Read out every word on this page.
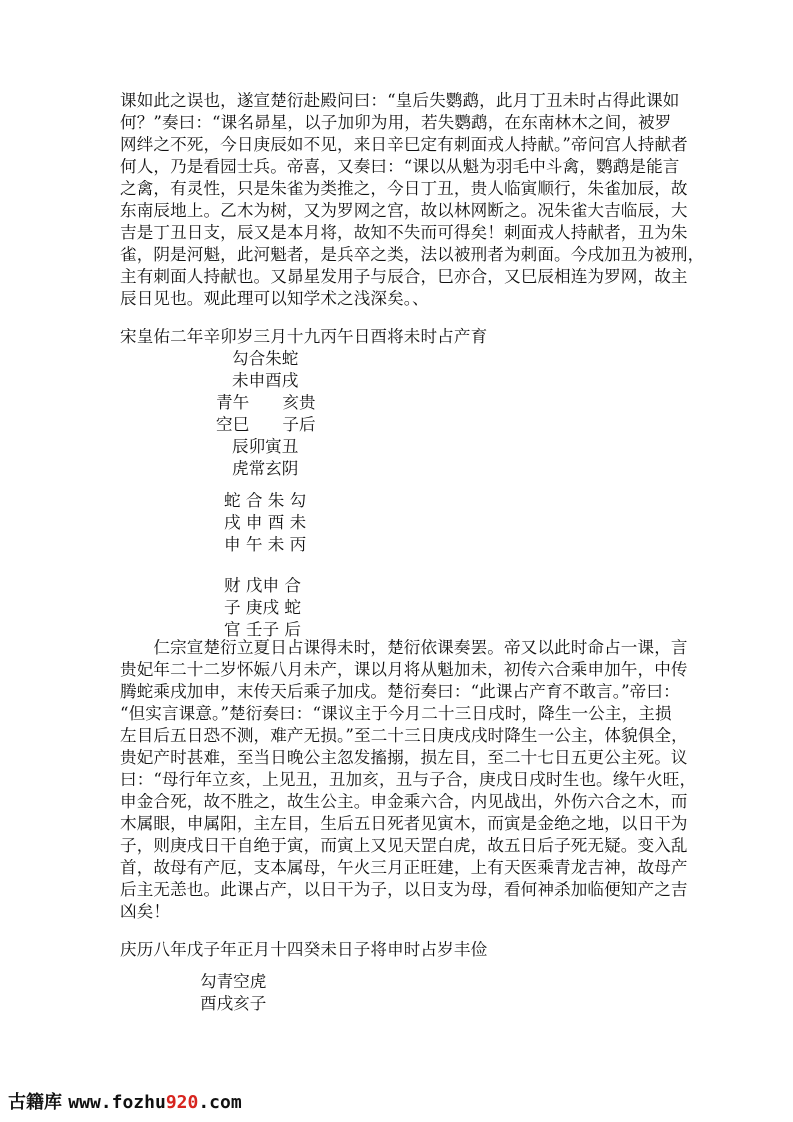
课如此之误也，遂宣楚衍赴殿问曰：“皇后失鹦鹉，此月丁丑未时占得此课如
何？”奏曰：“课名昴星，以子加卯为用，若失鹦鹉，在东南林木之间，被罗
网绊之不死，今日庚辰如不见，来日辛巳定有刺面戎人持献。”帝问宫人持献者
何人，乃是看园士兵。帝喜，又奏曰：“课以从魁为羽毛中斗禽，鹦鹉是能言
之禽，有灵性，只是朱雀为类推之，今日丁丑，贵人临寅顺行，朱雀加辰，故
东南辰地上。乙木为树，又为罗网之宫，故以林网断之。况朱雀大吉临辰，大
吉是丁丑日支，辰又是本月将，故知不失而可得矣！刺面戎人持献者，丑为朱
雀，阴是河魁，此河魁者，是兵卒之类，法以被刑者为刺面。今戌加丑为被刑，
主有刺面人持献也。又昴星发用子与辰合，巳亦合，又巳辰相连为罗网，故主
辰日见也。观此理可以知学术之浅深矣。、
宋皇佑二年辛卯岁三月十九丙午日酉将未时占产育
勾合朱蛇
未申酉戌
青午　　亥贵
空巳　　子后
辰卯寅丑
虎常玄阴
蛇 合 朱 勾
戌 申 酉 未
申 午 未 丙
财 戊申 合
子 庚戌 蛇
官 壬子 后
　　仁宗宣楚衍立夏日占课得未时，楚衍依课奏罢。帝又以此时命占一课，言
贵妃年二十二岁怀娠八月未产，课以月将从魁加未，初传六合乘申加午，中传
腾蛇乘戌加申，末传天后乘子加戌。楚衍奏曰：“此课占产育不敢言。”帝曰：
“但实言课意。”楚衍奏曰：“课议主于今月二十三日戌时，降生一公主，主损
左目后五日恐不测，难产无损。”至二十三日庚戌戌时降生一公主，体貌俱全，
贵妃产时甚难，至当日晚公主忽发搐搦，损左目，至二十七日五更公主死。议
曰：“母行年立亥，上见丑，丑加亥，丑与子合，庚戌日戌时生也。缘午火旺，
申金合死，故不胜之，故生公主。申金乘六合，内见战出，外伤六合之木，而
木属眼，申属阳，主左目，生后五日死者见寅木，而寅是金绝之地，以日干为
子，则庚戌日干自绝于寅，而寅上又见天罡白虎，故五日后子死无疑。变入乱
首，故母有产厄，支本属母，午火三月正旺建，上有天医乘青龙吉神，故母产
后主无恙也。此课占产，以日干为子，以日支为母，看何神杀加临便知产之吉
凶矣！
庆历八年戊子年正月十四癸未日子将申时占岁丰俭
勾青空虎
酉戌亥子
古籍库 www.fozhu920.com
